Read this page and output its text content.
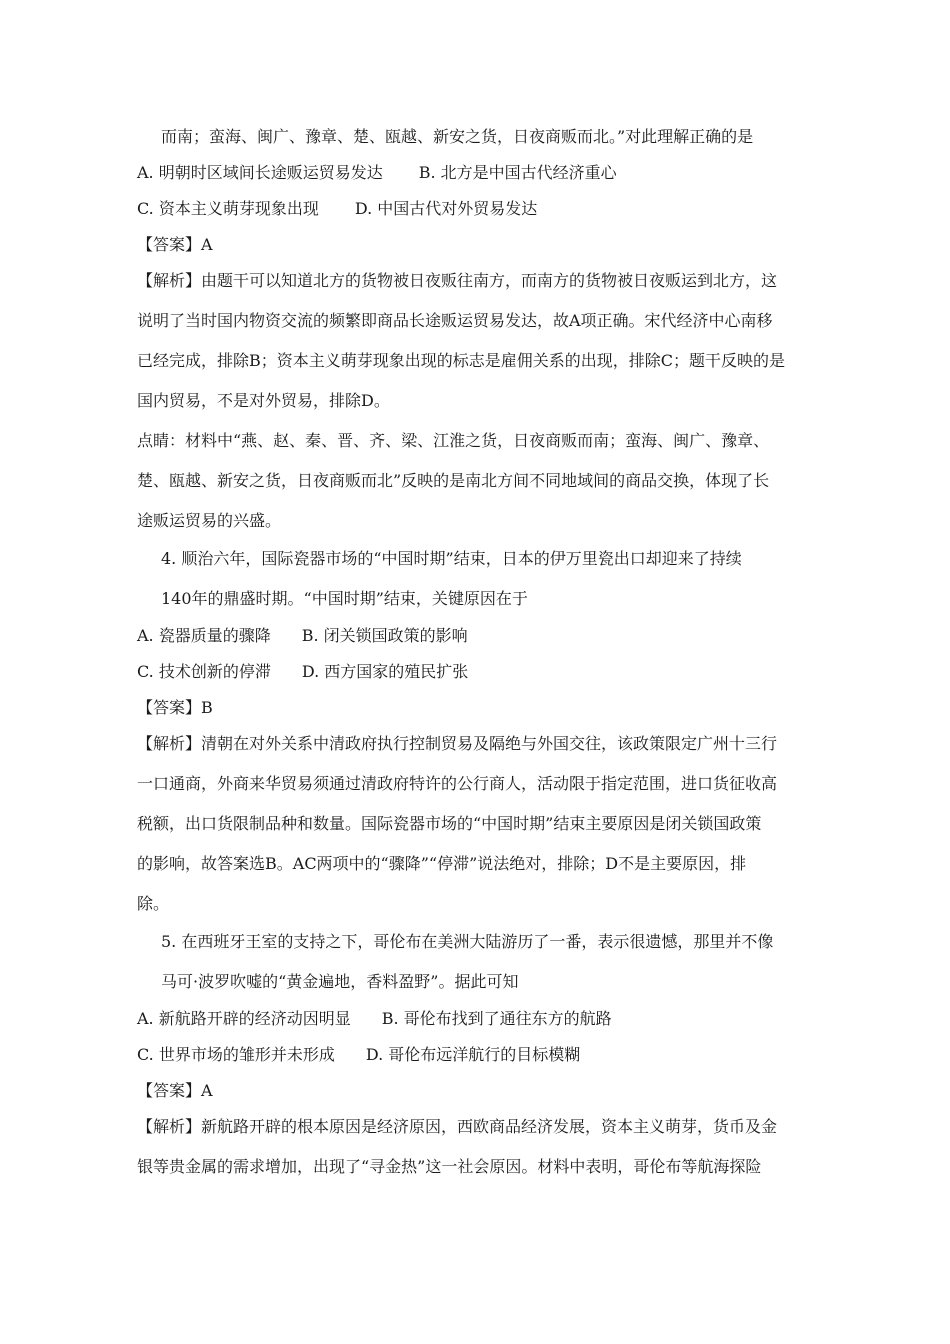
而南；蛮海、闽广、豫章、楚、瓯越、新安之货，日夜商贩而北。”对此理解正确的是
A. 明朝时区域间长途贩运贸易发达 B. 北方是中国古代经济重心
C. 资本主义萌芽现象出现 D. 中国古代对外贸易发达
【答案】A
【解析】由题干可以知道北方的货物被日夜贩往南方，而南方的货物被日夜贩运到北方，这
说明了当时国内物资交流的频繁即商品长途贩运贸易发达，故A项正确。宋代经济中心南移
已经完成，排除B；资本主义萌芽现象出现的标志是雇佣关系的出现，排除C；题干反映的是
国内贸易，不是对外贸易，排除D。
点睛：材料中“燕、赵、秦、晋、齐、梁、江淮之货，日夜商贩而南；蛮海、闽广、豫章、
楚、瓯越、新安之货，日夜商贩而北”反映的是南北方间不同地域间的商品交换，体现了长
途贩运贸易的兴盛。
4. 顺治六年，国际瓷器市场的“中国时期”结束，日本的伊万里瓷出口却迎来了持续
140年的鼎盛时期。“中国时期”结束，关键原因在于
A. 瓷器质量的骤降 B. 闭关锁国政策的影响
C. 技术创新的停滞 D. 西方国家的殖民扩张
【答案】B
【解析】清朝在对外关系中清政府执行控制贸易及隔绝与外国交往，该政策限定广州十三行
一口通商，外商来华贸易须通过清政府特许的公行商人，活动限于指定范围，进口货征收高
税额，出口货限制品种和数量。国际瓷器市场的“中国时期”结束主要原因是闭关锁国政策
的影响，故答案选B。AC两项中的“骤降”“停滞”说法绝对，排除；D不是主要原因，排
除。
5. 在西班牙王室的支持之下，哥伦布在美洲大陆游历了一番，表示很遗憾，那里并不像
马可·波罗吹嘘的“黄金遍地，香料盈野”。据此可知
A. 新航路开辟的经济动因明显 B. 哥伦布找到了通往东方的航路
C. 世界市场的雏形并未形成 D. 哥伦布远洋航行的目标模糊
【答案】A
【解析】新航路开辟的根本原因是经济原因，西欧商品经济发展，资本主义萌芽，货币及金
银等贵金属的需求增加，出现了“寻金热”这一社会原因。材料中表明，哥伦布等航海探险
